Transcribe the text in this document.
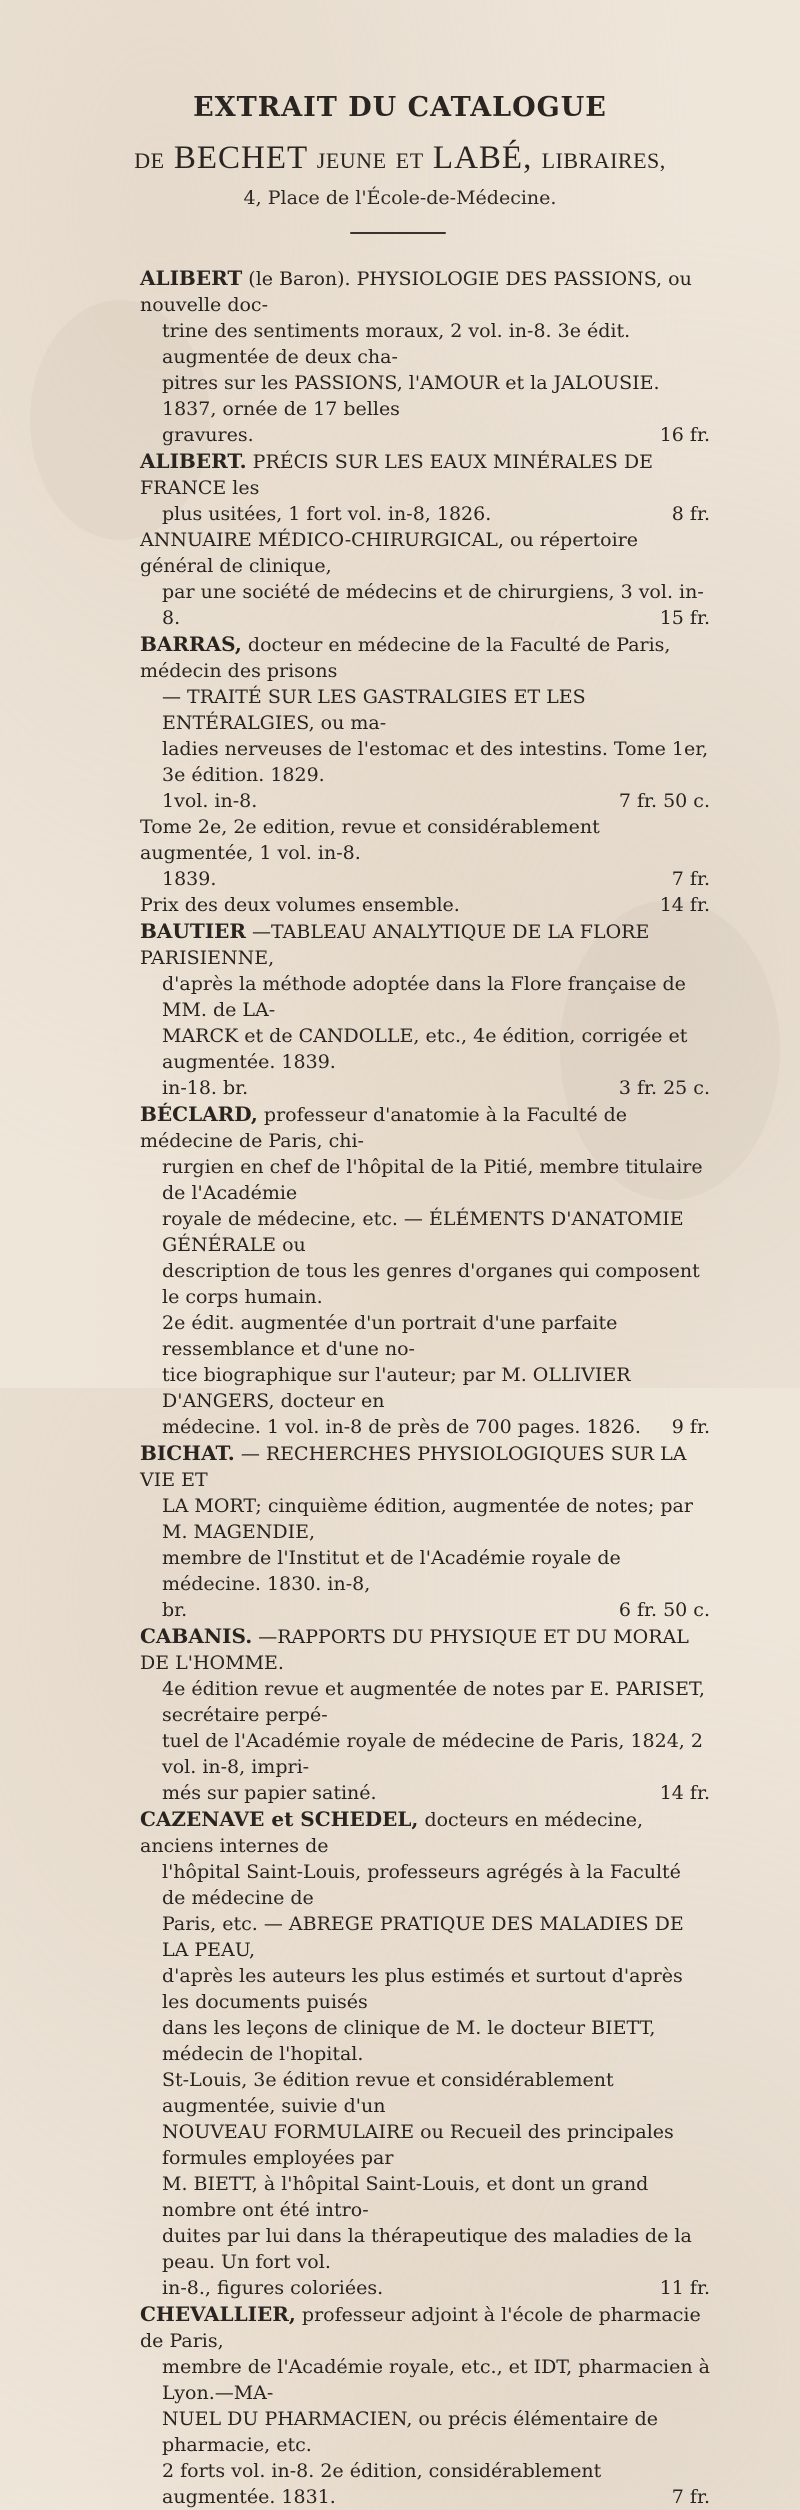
EXTRAIT DU CATALOGUE
DE BECHET JEUNE ET LABÉ, LIBRAIRES,
4, Place de l'École-de-Médecine.
ALIBERT (le Baron). PHYSIOLOGIE DES PASSIONS, ou nouvelle doc-
trine des sentiments moraux, 2 vol. in-8. 3e édit. augmentée de deux cha-
pitres sur les PASSIONS, l'AMOUR et la JALOUSIE. 1837, ornée de 17 belles
gravures.	16 fr.
ALIBERT. PRÉCIS SUR LES EAUX MINÉRALES DE FRANCE les
plus usitées, 1 fort vol. in-8, 1826.	8 fr.
ANNUAIRE MÉDICO-CHIRURGICAL, ou répertoire général de clinique,
par une société de médecins et de chirurgiens, 3 vol. in-8.	15 fr.
BARRAS, docteur en médecine de la Faculté de Paris, médecin des prisons
— TRAITÉ SUR LES GASTRALGIES ET LES ENTÉRALGIES, ou ma-
ladies nerveuses de l'estomac et des intestins. Tome 1er, 3e édition. 1829.
1vol. in-8.	7 fr. 50 c.
Tome 2e, 2e edition, revue et considérablement augmentée, 1 vol. in-8.
1839.	7 fr.
Prix des deux volumes ensemble.	14 fr.
BAUTIER —TABLEAU ANALYTIQUE DE LA FLORE PARISIENNE,
d'après la méthode adoptée dans la Flore française de MM. de LA-
MARCK et de CANDOLLE, etc., 4e édition, corrigée et augmentée. 1839.
in-18. br.	3 fr. 25 c.
BÉCLARD, professeur d'anatomie à la Faculté de médecine de Paris, chi-
rurgien en chef de l'hôpital de la Pitié, membre titulaire de l'Académie
royale de médecine, etc. — ÉLÉMENTS D'ANATOMIE GÉNÉRALE ou
description de tous les genres d'organes qui composent le corps humain.
2e édit. augmentée d'un portrait d'une parfaite ressemblance et d'une no-
tice biographique sur l'auteur; par M. OLLIVIER D'ANGERS, docteur en
médecine. 1 vol. in-8 de près de 700 pages. 1826. 9 fr.
BICHAT. — RECHERCHES PHYSIOLOGIQUES SUR LA VIE ET
LA MORT; cinquième édition, augmentée de notes; par M. MAGENDIE,
membre de l'Institut et de l'Académie royale de médecine. 1830. in-8,
br.	6 fr. 50 c.
CABANIS. —RAPPORTS DU PHYSIQUE ET DU MORAL DE L'HOMME.
4e édition revue et augmentée de notes par E. PARISET, secrétaire perpé-
tuel de l'Académie royale de médecine de Paris, 1824, 2 vol. in-8, impri-
més sur papier satiné.	14 fr.
CAZENAVE et SCHEDEL, docteurs en médecine, anciens internes de
l'hôpital Saint-Louis, professeurs agrégés à la Faculté de médecine de
Paris, etc. — ABREGE PRATIQUE DES MALADIES DE LA PEAU,
d'après les auteurs les plus estimés et surtout d'après les documents puisés
dans les leçons de clinique de M. le docteur BIETT, médecin de l'hopital.
St-Louis, 3e édition revue et considérablement augmentée, suivie d'un
NOUVEAU FORMULAIRE ou Recueil des principales formules employées par
M. BIETT, à l'hôpital Saint-Louis, et dont un grand nombre ont été intro-
duites par lui dans la thérapeutique des maladies de la peau. Un fort vol.
in-8., figures coloriées.	11 fr.
CHEVALLIER, professeur adjoint à l'école de pharmacie de Paris,
membre de l'Académie royale, etc., et IDT, pharmacien à Lyon.—MA-
NUEL DU PHARMACIEN, ou précis élémentaire de pharmacie, etc.
2 forts vol. in-8. 2e édition, considérablement augmentée. 1831.	7 fr.
